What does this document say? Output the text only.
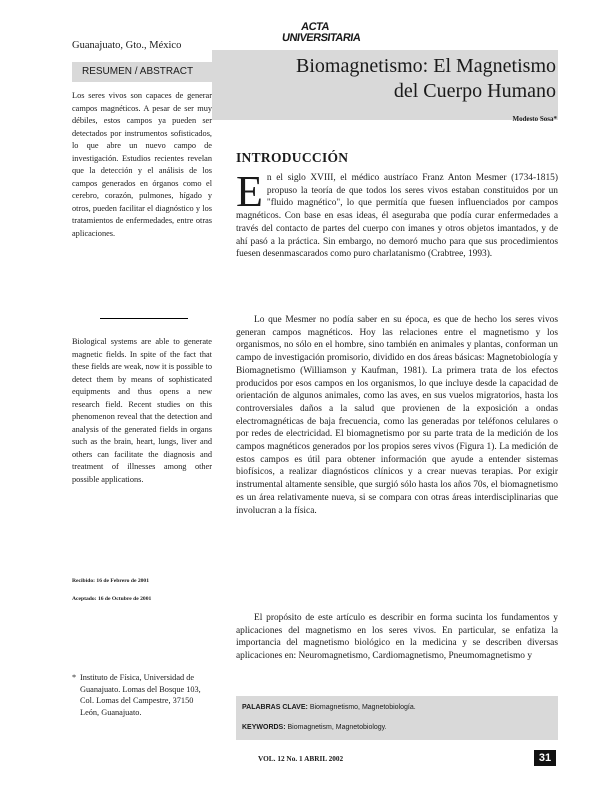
Guanajuato, Gto., México
ACTA
UNIVERSITARIA
RESUMEN / ABSTRACT	Biomagnetismo: El Magnetismo
del Cuerpo Humano
Modesto Sosa*
Los seres vivos son capaces de generar campos magnéticos. A pesar de ser muy débiles, estos campos ya pueden ser detectados por instrumentos sofisticados, lo que abre un nuevo campo de investigación. Estudios recientes revelan que la detección y el análisis de los campos generados en órganos como el cerebro, corazón, pulmones, hígado y otros, pueden facilitar el diagnóstico y los tratamientos de enfermedades, entre otras aplicaciones.
Biological systems are able to generate magnetic fields. In spite of the fact that these fields are weak, now it is possible to detect them by means of sophisticated equipments and thus opens a new research field. Recent studies on this phenomenon reveal that the detection and analysis of the generated fields in organs such as the brain, heart, lungs, liver and others can facilitate the diagnosis and treatment of illnesses among other possible applications.
Recibido: 16 de Febrero de 2001
Aceptado: 16 de Octubre de 2001
* Instituto de Física, Universidad de Guanajuato. Lomas del Bosque 103, Col. Lomas del Campestre, 37150 León, Guanajuato.
INTRODUCCIÓN
E n el siglo XVIII, el médico austríaco Franz Anton Mesmer (1734-1815) propuso la teoría de que todos los seres vivos estaban constituidos por un "fluido magnético", lo que permitía que fuesen influenciados por campos magnéticos. Con base en esas ideas, él aseguraba que podía curar enfermedades a través del contacto de partes del cuerpo con imanes y otros objetos imantados, y de ahí pasó a la práctica. Sin embargo, no demoró mucho para que sus procedimientos fuesen desenmascarados como puro charlatanismo (Crabtree, 1993).
Lo que Mesmer no podía saber en su época, es que de hecho los seres vivos generan campos magnéticos. Hoy las relaciones entre el magnetismo y los organismos, no sólo en el hombre, sino también en animales y plantas, conforman un campo de investigación promisorio, dividido en dos áreas básicas: Magnetobiología y Biomagnetismo (Williamson y Kaufman, 1981). La primera trata de los efectos producidos por esos campos en los organismos, lo que incluye desde la capacidad de orientación de algunos animales, como las aves, en sus vuelos migratorios, hasta los controversiales daños a la salud que provienen de la exposición a ondas electromagnéticas de baja frecuencia, como las generadas por teléfonos celulares o por redes de electricidad. El biomagnetismo por su parte trata de la medición de los campos magnéticos generados por los propios seres vivos (Figura 1). La medición de estos campos es útil para obtener información que ayude a entender sistemas biofísicos, a realizar diagnósticos clínicos y a crear nuevas terapias. Por exigir instrumental altamente sensible, que surgió sólo hasta los años 70s, el biomagnetismo es un área relativamente nueva, si se compara con otras áreas interdisciplinarias que involucran a la física.
El propósito de este artículo es describir en forma sucinta los fundamentos y aplicaciones del magnetismo en los seres vivos. En particular, se enfatiza la importancia del magnetismo biológico en la medicina y se describen diversas aplicaciones en: Neuromagnetismo, Cardiomagnetismo, Pneumomagnetismo y
PALABRAS CLAVE: Biomagnetismo, Magnetobiología.
KEYWORDS: Biomagnetism, Magnetobiology.
VOL. 12 No. 1 ABRIL 2002	31
